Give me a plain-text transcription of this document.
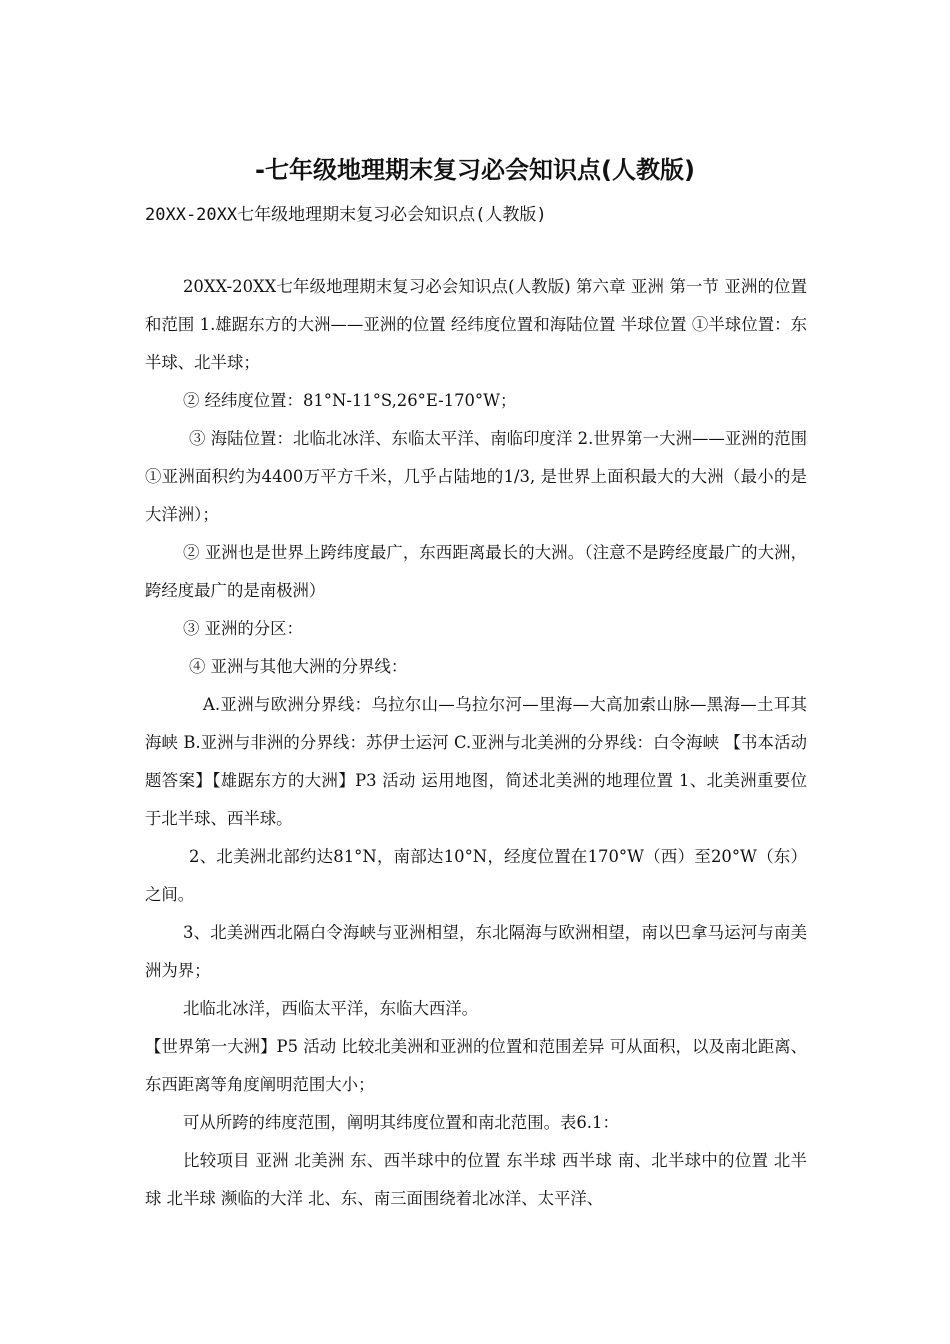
-七年级地理期末复习必会知识点(人教版)
20XX-20XX七年级地理期末复习必会知识点(人教版)

20XX-20XX七年级地理期末复习必会知识点(人教版) 第六章 亚洲 第一节 亚洲的位置和范围 1.雄踞东方的大洲——亚洲的位置 经纬度位置和海陆位置 半球位置 ①半球位置：东半球、北半球；

② 经纬度位置：81°N-11°S,26°E-170°W；

③ 海陆位置：北临北冰洋、东临太平洋、南临印度洋 2.世界第一大洲——亚洲的范围 ①亚洲面积约为4400万平方千米，几乎占陆地的1/3, 是世界上面积最大的大洲（最小的是大洋洲）；

② 亚洲也是世界上跨纬度最广，东西距离最长的大洲。（注意不是跨经度最广的大洲，跨经度最广的是南极洲）

③ 亚洲的分区：

④ 亚洲与其他大洲的分界线：

A.亚洲与欧洲分界线：乌拉尔山—乌拉尔河—里海—大高加索山脉—黑海—土耳其海峡 B.亚洲与非洲的分界线：苏伊士运河 C.亚洲与北美洲的分界线：白令海峡 【书本活动题答案】【雄踞东方的大洲】P3 活动 运用地图，简述北美洲的地理位置 1、北美洲重要位于北半球、西半球。

2、北美洲北部约达81°N，南部达10°N，经度位置在170°W（西）至20°W（东）之间。

3、北美洲西北隔白令海峡与亚洲相望，东北隔海与欧洲相望，南以巴拿马运河与南美洲为界；

北临北冰洋，西临太平洋，东临大西洋。

【世界第一大洲】P5 活动 比较北美洲和亚洲的位置和范围差异 可从面积，以及南北距离、东西距离等角度阐明范围大小；

可从所跨的纬度范围，阐明其纬度位置和南北范围。表6.1：

比较项目 亚洲 北美洲 东、西半球中的位置 东半球 西半球 南、北半球中的位置 北半球 北半球 濒临的大洋 北、东、南三面围绕着北冰洋、太平洋、
